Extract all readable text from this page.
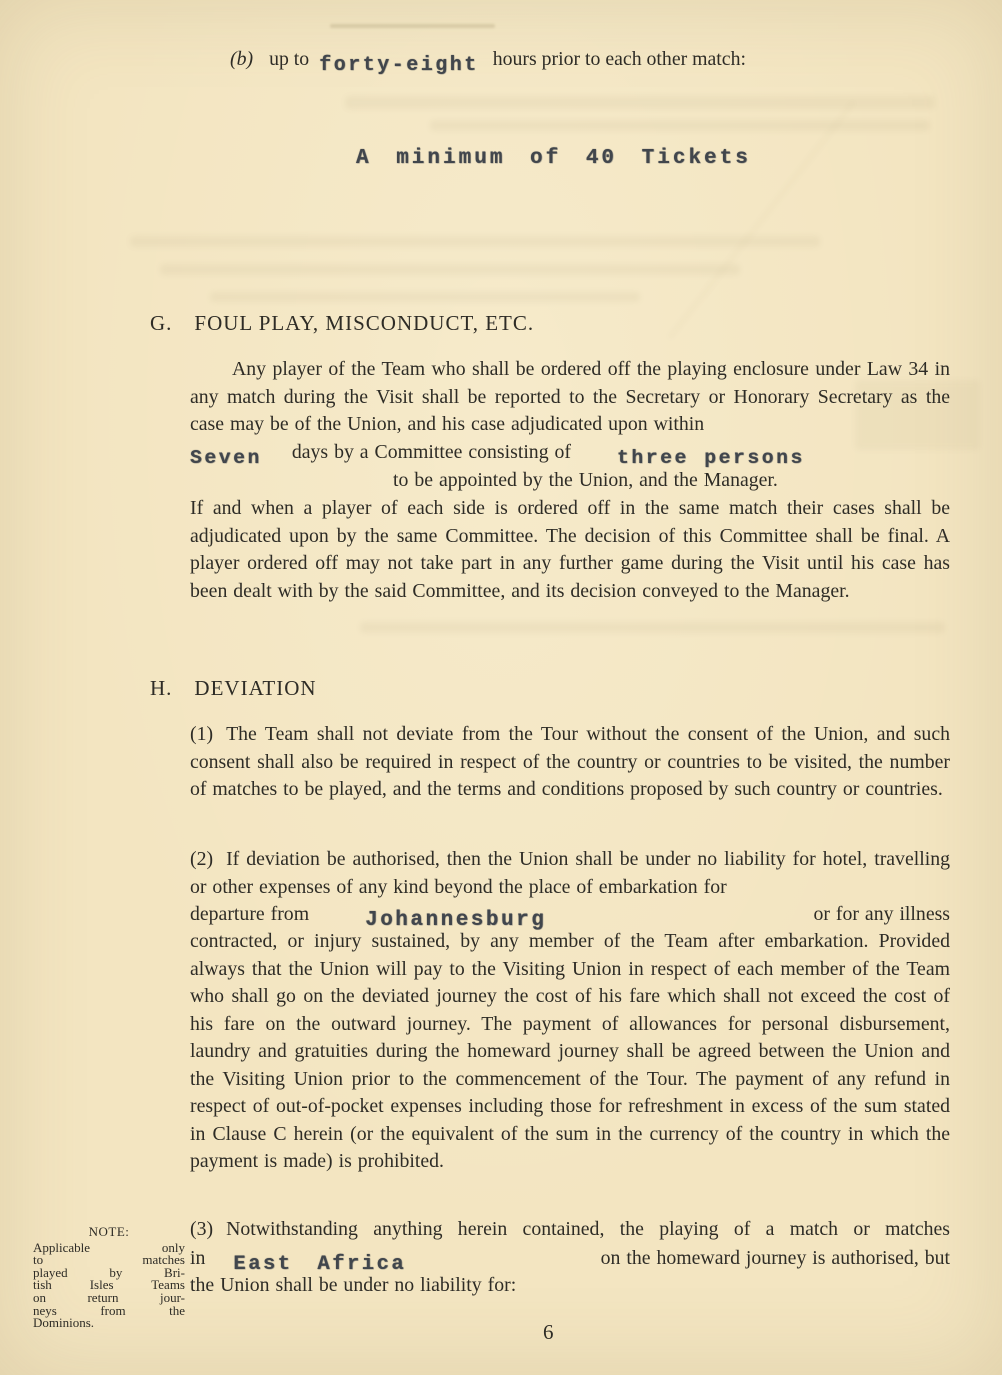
(b) up to forty-eight hours prior to each other match:
A minimum of 40 Tickets
G. FOUL PLAY, MISCONDUCT, ETC.
Any player of the Team who shall be ordered off the playing enclosure under Law 34 in any match during the Visit shall be reported to the Secretary or Honorary Secretary as the case may be of the Union, and his case adjudicated upon within
Seven days by a Committee consisting of three persons
to be appointed by the Union, and the Manager.
If and when a player of each side is ordered off in the same match their cases shall be adjudicated upon by the same Committee. The decision of this Committee shall be final. A player ordered off may not take part in any further game during the Visit until his case has been dealt with by the said Committee, and its decision conveyed to the Manager.
H. DEVIATION
(1) The Team shall not deviate from the Tour without the consent of the Union, and such consent shall also be required in respect of the country or countries to be visited, the number of matches to be played, and the terms and conditions proposed by such country or countries.
(2) If deviation be authorised, then the Union shall be under no liability for hotel, travelling or other expenses of any kind beyond the place of embarkation for
departure from	Johannesburg	or for any illness
contracted, or injury sustained, by any member of the Team after embarkation. Provided always that the Union will pay to the Visiting Union in respect of each member of the Team who shall go on the deviated journey the cost of his fare which shall not exceed the cost of his fare on the outward journey. The payment of allowances for personal disbursement, laundry and gratuities during the homeward journey shall be agreed between the Union and the Visiting Union prior to the commencement of the Tour. The payment of any refund in respect of out-of-pocket expenses including those for refreshment in excess of the sum stated in Clause C herein (or the equivalent of the sum in the currency of the country in which the payment is made) is prohibited.
(3) Notwithstanding anything herein contained, the playing of a match or matches
in East Africa	on the homeward journey is authorised, but
the Union shall be under no liability for:
NOTE:
Applicable only
to matches
played by Bri-
tish Isles Teams
on return jour-
neys from the
Dominions.	6
